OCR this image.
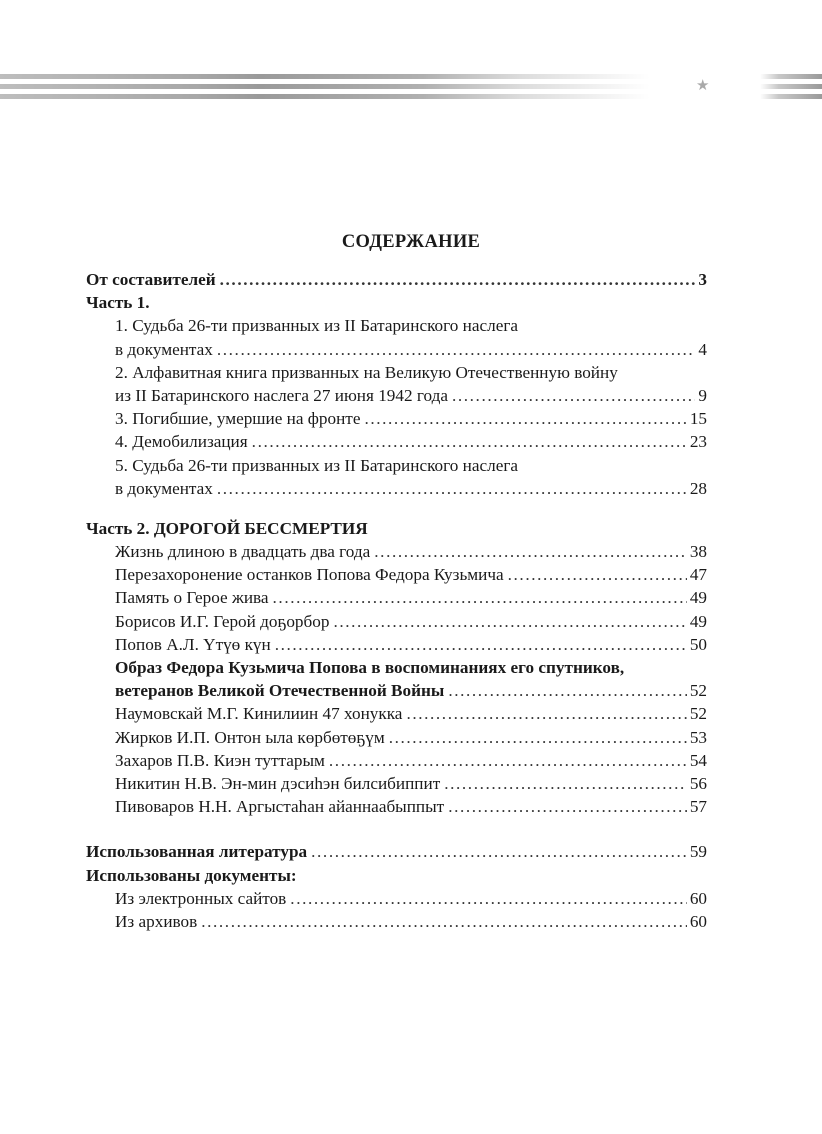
★
СОДЕРЖАНИЕ
От составителей . . .	3
Часть 1.
1. Судьба 26-ти призванных из II Батаринского наслега
в документах . . .	4
2. Алфавитная книга призванных на Великую Отечественную войну
из II Батаринского наслега 27 июня 1942 года . . .	9
3. Погибшие, умершие на фронте . . .	15
4. Демобилизация . . .	23
5. Судьба 26-ти призванных из II Батаринского наслега
в документах . . .	28
Часть 2. ДОРОГОЙ БЕССМЕРТИЯ
Жизнь длиною в двадцать два года . . .	38
Перезахоронение останков Попова Федора Кузьмича . . .	47
Память о Герое жива . . .	49
Борисов И.Г. Герой доҕорбор . . .	49
Попов А.Л. Үтүө күн . . .	50
Образ Федора Кузьмича Попова в воспоминаниях его спутников,
ветеранов Великой Отечественной Войны . . .	52
Наумовскай М.Г. Кинилиин 47 хонукка . . .	52
Жирков И.П. Онтон ыла көрбөтөҕүм . . .	53
Захаров П.В. Киэн туттарым . . .	54
Никитин Н.В. Эн-мин дэсиһэн билсибиппит . . .	56
Пивоваров Н.Н. Аргыстаһан айаннаабыппыт . . .	57
Использованная литература . . .	59
Использованы документы:
Из электронных сайтов . . .	60
Из архивов . . .	60
